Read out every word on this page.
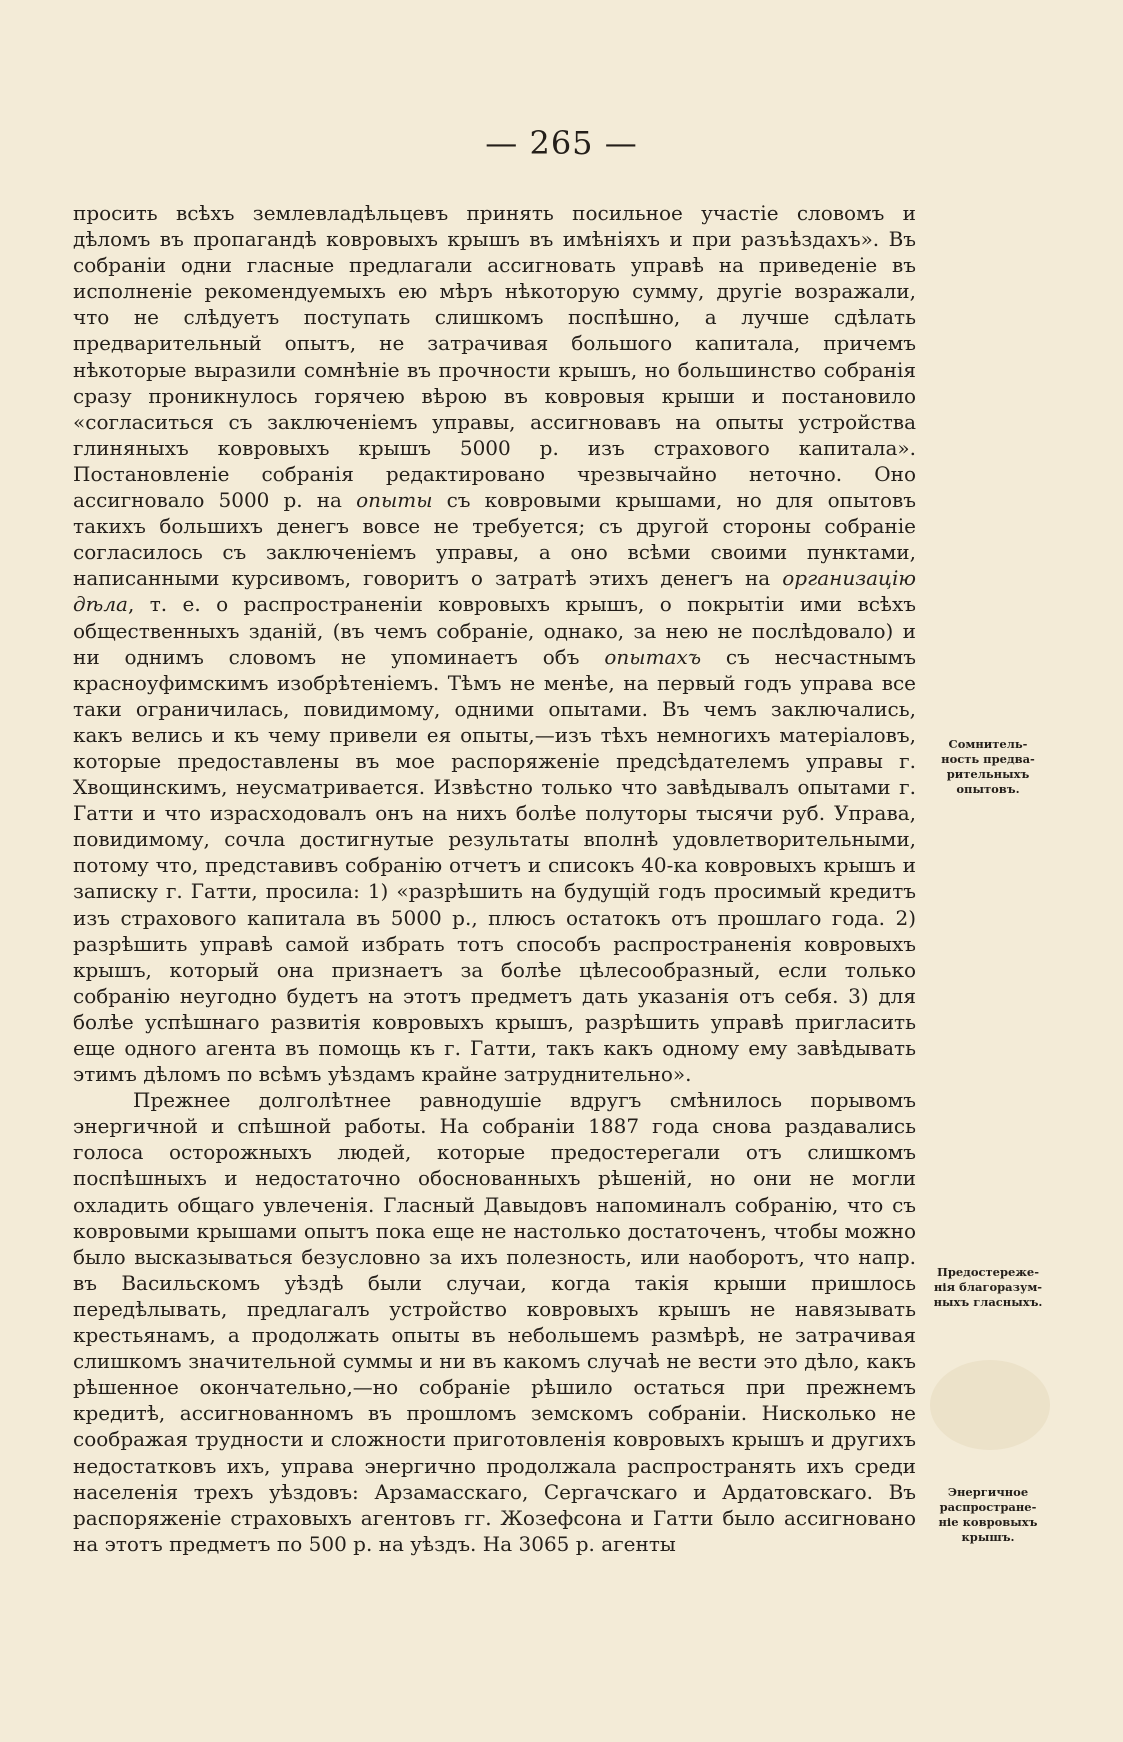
— 265 —

просить всѣхъ землевладѣльцевъ принять посильное участіе словомъ и дѣломъ въ пропагандѣ ковровыхъ крышъ въ имѣніяхъ и при разъѣздахъ». Въ собраніи одни гласные предлагали ассигновать управѣ на приведеніе въ исполненіе рекомендуемыхъ ею мѣръ нѣкоторую сумму, другіе возражали, что не слѣдуетъ поступать слишкомъ поспѣшно, а лучше сдѣлать предварительный опытъ, не затрачивая большого капитала, причемъ нѣкоторые выразили сомнѣніе въ прочности крышъ, но большинство собранія сразу проникнулось горячею вѣрою въ ковровыя крыши и постановило «согласиться съ заключеніемъ управы, ассигновавъ на опыты устройства глиняныхъ ковровыхъ крышъ 5000 р. изъ страхового капитала». Постановленіе собранія редактировано чрезвычайно неточно. Оно ассигновало 5000 р. на опыты съ ковровыми крышами, но для опытовъ такихъ большихъ денегъ вовсе не требуется; съ другой стороны собраніе согласилось съ заключеніемъ управы, а оно всѣми своими пунктами, написанными курсивомъ, говоритъ о затратѣ этихъ денегъ на организацію дѣла, т. е. о распространеніи ковровыхъ крышъ, о покрытіи ими всѣхъ общественныхъ зданій, (въ чемъ собраніе, однако, за нею не послѣдовало) и ни однимъ словомъ не упоминаетъ объ опытахъ съ несчастнымъ красноуфимскимъ изобрѣтеніемъ. Тѣмъ не менѣе, на первый годъ управа все таки ограничилась, повидимому, одними опытами. Въ чемъ заключались, какъ велись и къ чему привели ея опыты,—изъ тѣхъ немногихъ матеріаловъ, которые предоставлены въ мое распоряженіе предсѣдателемъ управы г. Хвощинскимъ, неусматривается. Извѣстно только что завѣдывалъ опытами г. Гатти и что израсходовалъ онъ на нихъ болѣе полуторы тысячи руб. Управа, повидимому, сочла достигнутые результаты вполнѣ удовлетворительными, потому что, представивъ собранію отчетъ и списокъ 40-ка ковровыхъ крышъ и записку г. Гатти, просила: 1) «разрѣшить на будущій годъ просимый кредитъ изъ страхового капитала въ 5000 р., плюсъ остатокъ отъ прошлаго года. 2) разрѣшить управѣ самой избрать тотъ способъ распространенія ковровыхъ крышъ, который она признаетъ за болѣе цѣлесообразный, если только собранію неугодно будетъ на этотъ предметъ дать указанія отъ себя. 3) для болѣе успѣшнаго развитія ковровыхъ крышъ, разрѣшить управѣ пригласить еще одного агента въ помощь къ г. Гатти, такъ какъ одному ему завѣдывать этимъ дѣломъ по всѣмъ уѣздамъ крайне затруднительно».

Прежнее долголѣтнее равнодушіе вдругъ смѣнилось порывомъ энергичной и спѣшной работы. На собраніи 1887 года снова раздавались голоса осторожныхъ людей, которые предостерегали отъ слишкомъ поспѣшныхъ и недостаточно обоснованныхъ рѣшеній, но они не могли охладить общаго увлеченія. Гласный Давыдовъ напоминалъ собранію, что съ ковровыми крышами опытъ пока еще не настолько достаточенъ, чтобы можно было высказываться безусловно за ихъ полезность, или наоборотъ, что напр. въ Васильскомъ уѣздѣ были случаи, когда такія крыши пришлось передѣлывать, предлагалъ устройство ковровыхъ крышъ не навязывать крестьянамъ, а продолжать опыты въ небольшемъ размѣрѣ, не затрачивая слишкомъ значительной суммы и ни въ какомъ случаѣ не вести это дѣло, какъ рѣшенное окончательно,—но собраніе рѣшило остаться при прежнемъ кредитѣ, ассигнованномъ въ прошломъ земскомъ собраніи. Нисколько не соображая трудности и сложности приготовленія ковровыхъ крышъ и другихъ недостатковъ ихъ, управа энергично продолжала распространять ихъ среди населенія трехъ уѣздовъ: Арзамасскаго, Сергачскаго и Ардатовскаго. Въ распоряженіе страховыхъ агентовъ гг. Жозефсона и Гатти было ассигновано на этотъ предметъ по 500 р. на уѣздъ. На 3065 р. агенты

Сомнитель-
ность предва-
рительныхъ
опытовъ.
Предостереже-
нія благоразум-
ныхъ гласныхъ.
Энергичное
распростране-
ніе ковровыхъ
крышъ.
